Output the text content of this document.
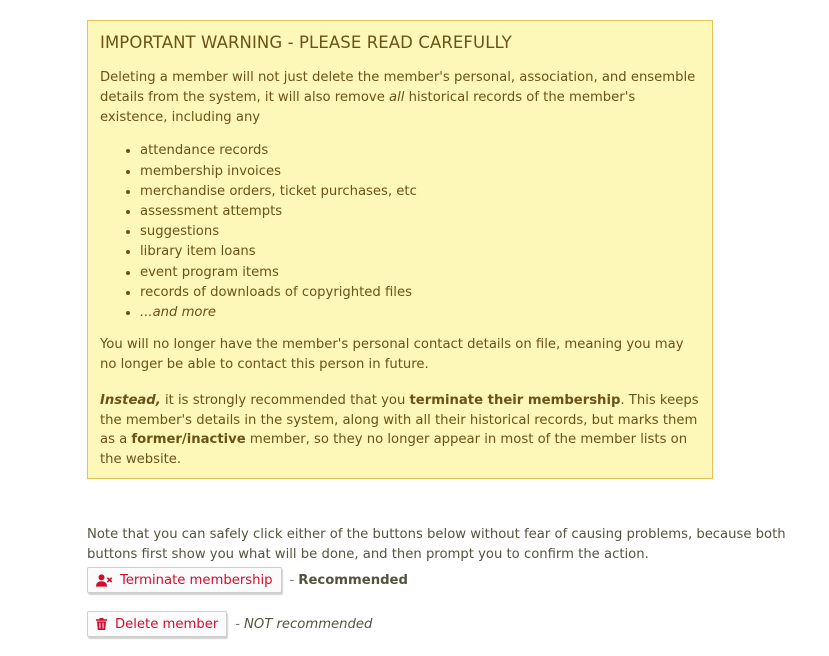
IMPORTANT WARNING - PLEASE READ CAREFULLY

Deleting a member will not just delete the member's personal, association, and ensemble details from the system, it will also remove all historical records of the member's existence, including any

• attendance records
• membership invoices
• merchandise orders, ticket purchases, etc
• assessment attempts
• suggestions
• library item loans
• event program items
• records of downloads of copyrighted files
• ...and more

You will no longer have the member's personal contact details on file, meaning you may no longer be able to contact this person in future.

Instead, it is strongly recommended that you terminate their membership. This keeps the member's details in the system, along with all their historical records, but marks them as a former/inactive member, so they no longer appear in most of the member lists on the website.

Note that you can safely click either of the buttons below without fear of causing problems, because both buttons first show you what will be done, and then prompt you to confirm the action.

Terminate membership - Recommended
Delete member - NOT recommended
